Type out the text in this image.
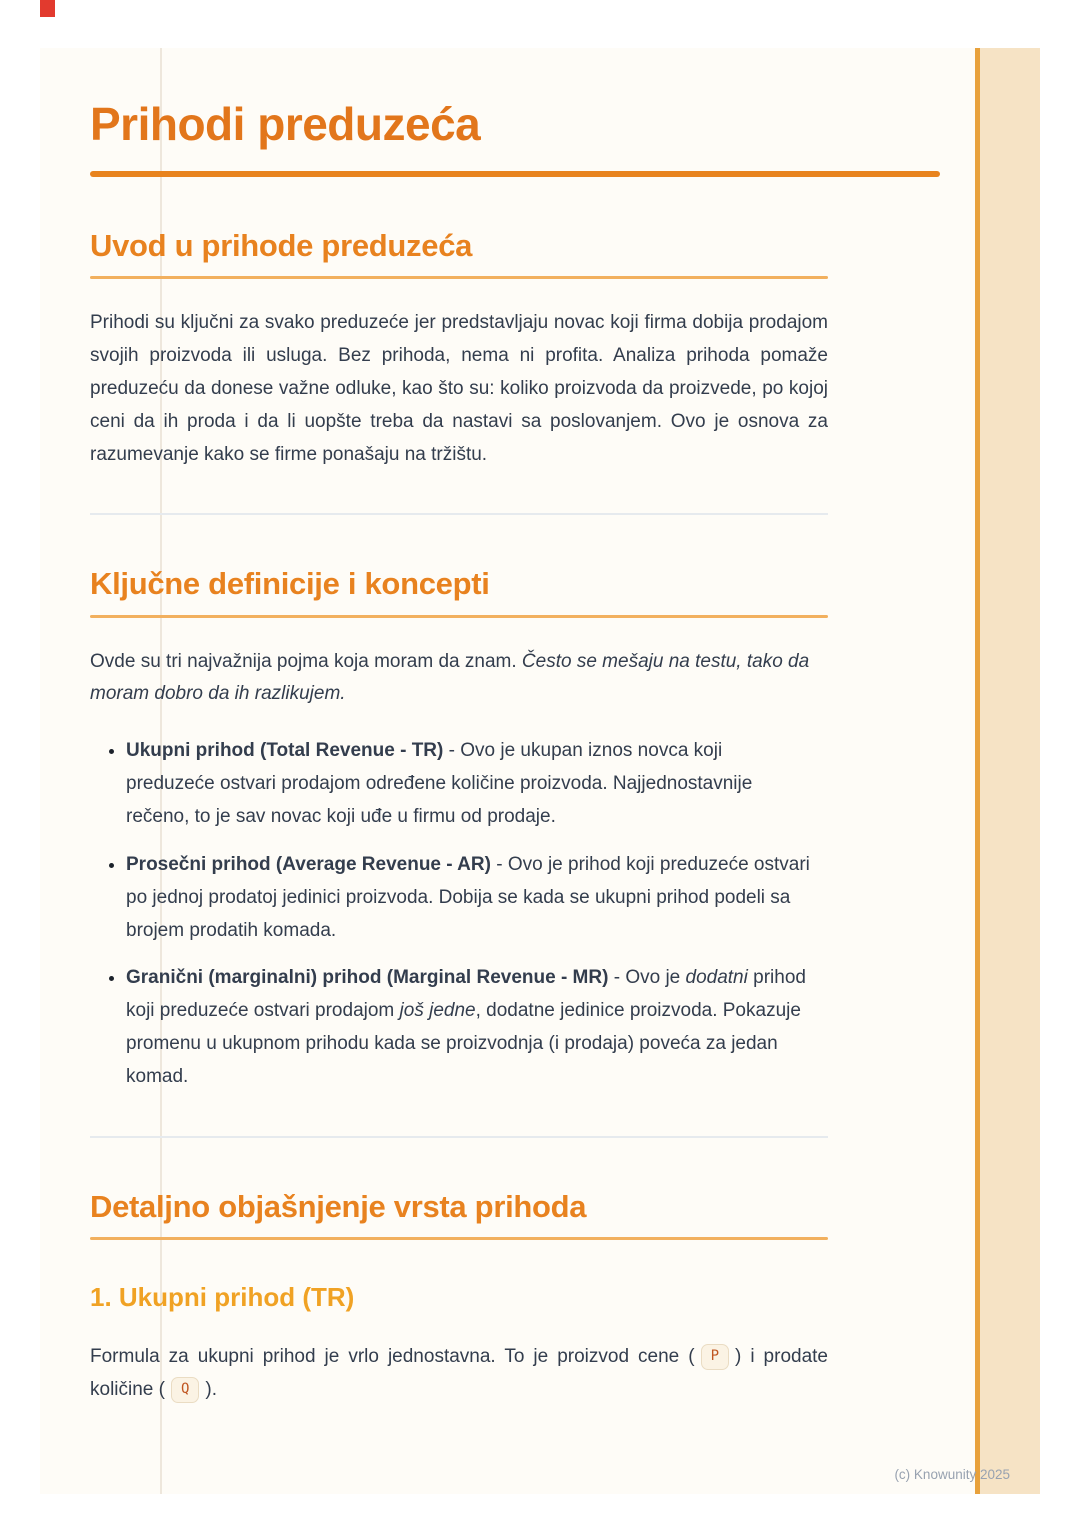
Prihodi preduzeća
Uvod u prihode preduzeća

Prihodi su ključni za svako preduzeće jer predstavljaju novac koji firma dobija prodajom svojih proizvoda ili usluga. Bez prihoda, nema ni profita. Analiza prihoda pomaže preduzeću da donese važne odluke, kao što su: koliko proizvoda da proizvede, po kojoj ceni da ih proda i da li uopšte treba da nastavi sa poslovanjem. Ovo je osnova za razumevanje kako se firme ponašaju na tržištu.

Ključne definicije i koncepti

Ovde su tri najvažnija pojma koja moram da znam. Često se mešaju na testu, tako da moram dobro da ih razlikujem.

• Ukupni prihod (Total Revenue - TR) - Ovo je ukupan iznos novca koji preduzeće ostvari prodajom određene količine proizvoda. Najjednostavnije rečeno, to je sav novac koji uđe u firmu od prodaje.
• Prosečni prihod (Average Revenue - AR) - Ovo je prihod koji preduzeće ostvari po jednoj prodatoj jedinici proizvoda. Dobija se kada se ukupni prihod podeli sa brojem prodatih komada.
• Granični (marginalni) prihod (Marginal Revenue - MR) - Ovo je dodatni prihod koji preduzeće ostvari prodajom još jedne, dodatne jedinice proizvoda. Pokazuje promenu u ukupnom prihodu kada se proizvodnja (i prodaja) poveća za jedan komad.
Detaljno objašnjenje vrsta prihoda
1. Ukupni prihod (TR)

Formula za ukupni prihod je vrlo jednostavna. To je proizvod cene ( P ) i prodate količine ( Q ).

(c) Knowunity 2025
